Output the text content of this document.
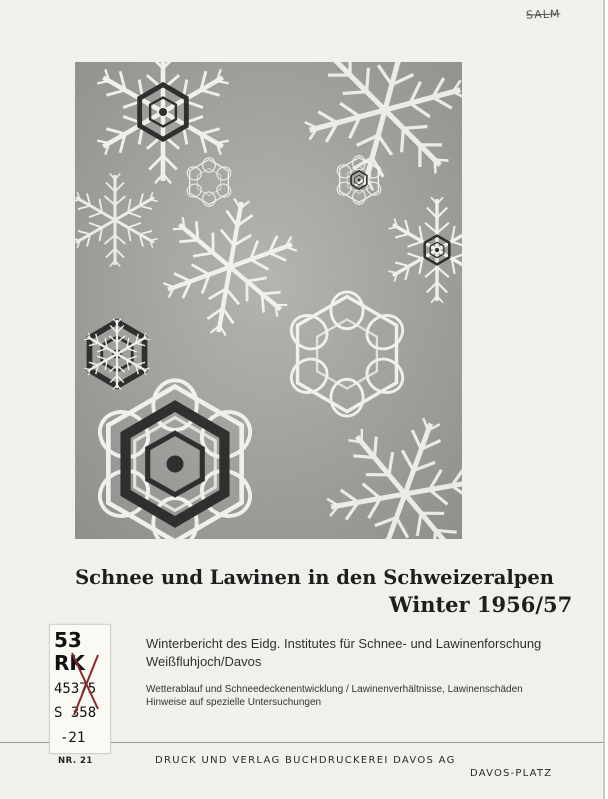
SALM
Schnee und Lawinen in den Schweizeralpen
Winter 1956/57
Winterbericht des Eidg. Institutes für Schnee- und Lawinenforschung
Weißfluhjoch/Davos
Wetterablauf und Schneedeckenentwicklung / Lawinenverhältnisse, Lawinenschäden
Hinweise auf spezielle Untersuchungen
NR. 21	DRUCK UND VERLAG BUCHDRUCKEREI DAVOS AG
DAVOS-PLATZ
53
RK
45375
S 358
-21
